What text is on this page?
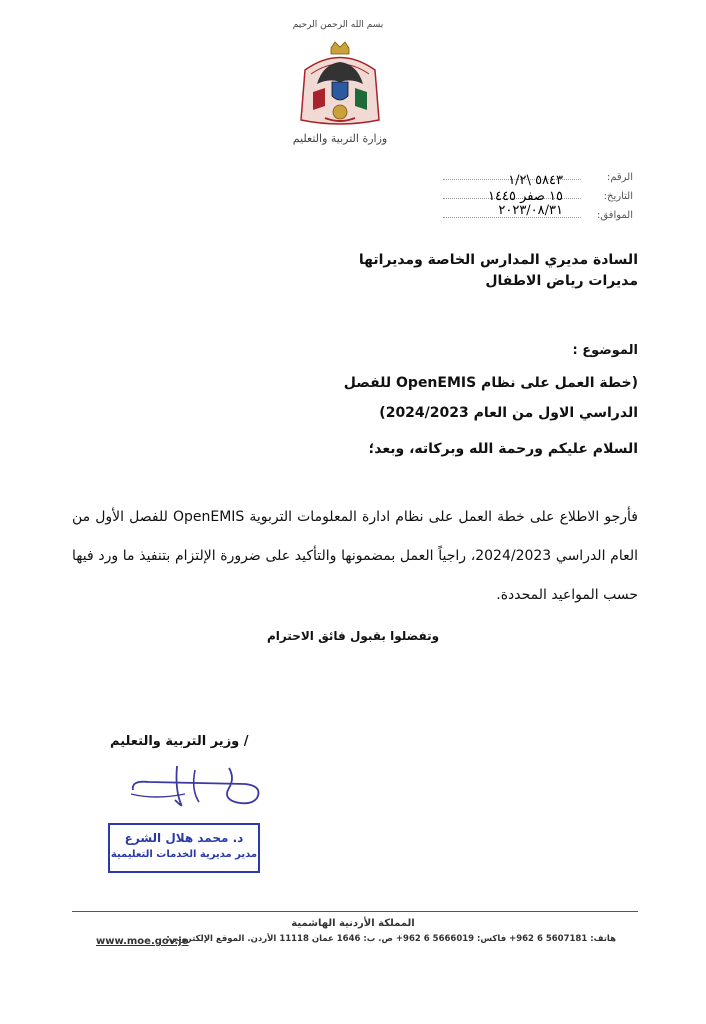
بسم الله الرحمن الرحيم
وزارة التربية والتعليم
الرقم:
التاريخ:
٥٨٤٣ \١/٢
١٥ صفر ١٤٤٥
الموافق:
٢٠٢٣/٠٨/٣١
السادة مديري المدارس الخاصة ومديراتها
مديرات رياض الاطفال
الموضوع :
(خطة العمل على نظام OpenEMIS للفصل
الدراسي الاول من العام 2024/2023)
السلام عليكم ورحمة الله وبركاته، وبعد؛
فأرجو الاطلاع على خطة العمل على نظام ادارة المعلومات التربوية OpenEMIS للفصل الأول من العام الدراسي 2024/2023، راجياً العمل بمضمونها والتأكيد على ضرورة الإلتزام بتنفيذ ما ورد فيها حسب المواعيد المحددة.
وتفضلوا بقبول فائق الاحترام
/ وزير التربية والتعليم
د. محمد هلال الشرع
مدير مديرية الخدمات التعليمية
المملكة الأردنية الهاشمية
هاتف: 5607181 6 962+ فاكس: 5666019 6 962+ ص. ب: 1646 عمان 11118 الأردن. الموقع الإلكتروني:
www.moe.gov.jo
